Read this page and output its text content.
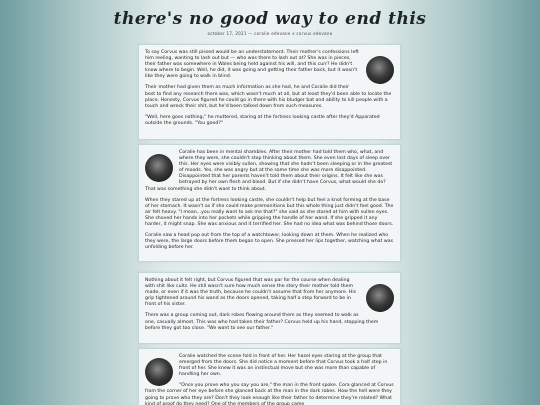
there's no good way to end this
october 17, 2021 — coralie edevane x corvus edevane

To say Corvus was still pissed would be an understatement. Their mother's confessions left him reeling, wanting to lash out but — who was there to lash out at? She was in pieces, their father was somewhere in Wales being held against his will, and this curr? He didn't know where to begin. Well, he did, it was going and getting their father back, but it wasn't like they were going to walk in blind.

Their mother had given them as much information as she had, he and Coralie did their best to find any research there was, which wasn't much at all, but at least they'd been able to locate the place. Honesty, Corvus figured he could go in there with his bludger bat and ability to kill people with a touch and wreck their shit, but he'd been talked down from such measures.

"Well, here goes nothing," he muttered, staring at the fortress looking castle after they'd Apparated outside the grounds. "You good?"

Coralie has been in mental shambles. After their mother had told them who, what, and where they were, she couldn't stop thinking about them. She even lost days of sleep over this. Her eyes were visibly sullen, showing that she hadn't been sleeping or in the greatest of moods. Yes, she was angry but at the same time she was more disappointed. Disappointed that her parents haven't told them about their origins. It felt like she was betrayed by her own flesh and blood. But if she didn't have Corvus, what would she do? That was something she didn't want to think about.

When they stared up at the fortress looking castle, she couldn't help but feel a knot forming at the base of her stomach. It wasn't as if she could make premonitions but this whole thing just didn't feel good. The air felt heavy. "I mean...you really want to ask me that?" she said as she stared at him with sullen eyes. She shoved her hands into her pockets while gripping the handle of her wand. If she gripped it any harder, it might snap. She was anxious and it terrified her. She had no idea what was behind those doors.

Coralie saw a head pop out from the top of a watchtower, looking down at them. When he realized who they were, the large doors before them began to open. She pressed her lips together, watching what was unfolding before her.

Nothing about it felt right, but Corvus figured that was par for the course when dealing with shit like cults. He still wasn't sure how much sense the story their mother told them made, or even if it was the truth, because he couldn't assume that from her anymore. His grip tightened around his wand as the doors opened, taking half a step forward to be in front of his sister.

There was a group coming out, dark robes flowing around them as they seemed to walk as one, casually almost. This was who had taken their father? Corvus held up his hand, stopping them before they got too close. "We want to see our father."

Coralie watched the scene fold in front of her. Her hazel eyes staring at the group that emerged from the doors. She did notice a moment before that Corvus took a half step in front of her. She knew it was an instinctual move but she was more than capable of handling her own.

"Once you prove who you say you are," the man in the front spoke. Cora glanced at Corvus from the corner of her eye before she glanced back at the man in the dark robes. How the hell were they going to prove who they are? Don't they look enough like their father to determine they're related? What kind of proof do they need? One of the members of the group came
